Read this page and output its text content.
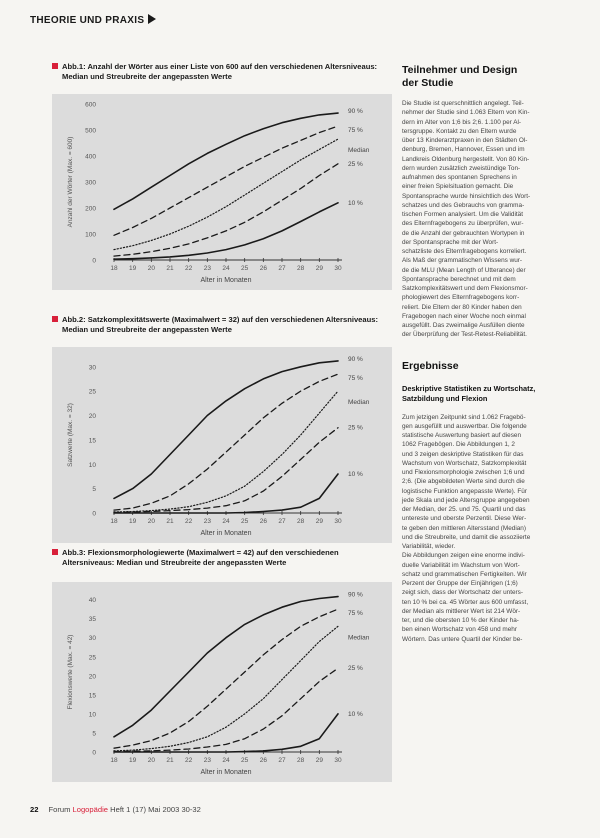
THEORIE UND PRAXIS
Abb.1: Anzahl der Wörter aus einer Liste von 600 auf den verschiedenen Altersniveaus:
Median und Streubreite der angepassten Werte
0
100
200
300
400
500
600
18 19 20 21 22 23 24 25 26 27 28 29 30
Alter in Monaten
Anzahl der Wörter (Max. = 600)
90 %
75 %
Median
25 %
10 %
Abb.2: Satzkomplexitätswerte (Maximalwert = 32) auf den verschiedenen Altersniveaus:
Median und Streubreite der angepassten Werte
0
5
10
15
20
25
30
18 19 20 21 22 23 24 25 26 27 28 29 30
Alter in Monaten
Satzwerte (Max. = 32)
90 %
75 %
Median
25 %
10 %
Abb.3: Flexionsmorphologiewerte (Maximalwert = 42) auf den verschiedenen
Altersniveaus: Median und Streubreite der angepassten Werte
0
5
10
15
20
25
30
35
40
18 19 20 21 22 23 24 25 26 27 28 29 30
Alter in Monaten
Flexionswerte (Max. = 42)
90 %
75 %
Median
25 %
10 %
Teilnehmer und Design
der Studie
Die Studie ist querschnittlich angelegt. Teil-
nehmer der Studie sind 1.063 Eltern von Kin-
dern im Alter von 1;6 bis 2;6. 1.100 per Al-
tersgruppe. Kontakt zu den Eltern wurde
über 13 Kinderarztpraxen in den Städten Ol-
denburg, Bremen, Hannover, Essen und im
Landkreis Oldenburg hergestellt. Von 80 Kin-
dern wurden zusätzlich zweistündige Ton-
aufnahmen des spontanen Sprechens in
einer freien Spielsituation gemacht. Die
Spontansprache wurde hinsichtlich des Wort-
schatzes und des Gebrauchs von gramma-
tischen Formen analysiert. Um die Validität
des Elternfragebogens zu überprüfen, wur-
de die Anzahl der gebrauchten Wortypen in
der Spontansprache mit der Wort-
schatzliste des Elternfragebogens korreliert.
Als Maß der grammatischen Wissens wur-
de die MLU (Mean Length of Utterance) der
Spontansprache berechnet und mit dem
Satzkomplexitätswert und dem Flexionsmor-
phologiewert des Elternfragebogens korr-
reliert. Die Eltern der 80 Kinder haben den
Fragebogen nach einer Woche noch einmal
ausgefüllt. Das zweimalige Ausfüllen diente
der Überprüfung der Test-Retest-Reliabilität.
Ergebnisse
Deskriptive Statistiken zu Wortschatz,
Satzbildung und Flexion
Zum jetzigen Zeitpunkt sind 1.062 Fragebö-
gen ausgefüllt und auswertbar. Die folgende
statistische Auswertung basiert auf diesen
1062 Fragebögen. Die Abbildungen 1, 2
und 3 zeigen deskriptive Statistiken für das
Wachstum von Wortschatz, Satzkomplexität
und Flexionsmorphologie zwischen 1;6 und
2;6. (Die abgebildeten Werte sind durch die
logistische Funktion angepasste Werte). Für
jede Skala und jede Altersgruppe angegeben
der Median, der 25. und 75. Quartil und das
untereste und oberste Perzentil. Diese Wer-
te geben den mittleren Altersstand (Median)
und die Streubreite, und damit die assoziierte
Variabilität, wieder.
Die Abbildungen zeigen eine enorme indivi-
duelle Variabilität im Wachstum von Wort-
schatz und grammatischen Fertigkeiten. Wir
Perzent der Gruppe der Einjährigen (1;6)
zeigt sich, dass der Wortschatz der unters-
ten 10 % bei ca. 45 Wörter aus 600 umfasst,
der Median als mittlerer Wert ist 214 Wör-
ter, und die obersten 10 % der Kinder ha-
ben einen Wortschatz von 458 und mehr
Wörtern. Das untere Quartil der Kinder be-
22 Forum Logopädie Heft 1 (17) Mai 2003 30-32
